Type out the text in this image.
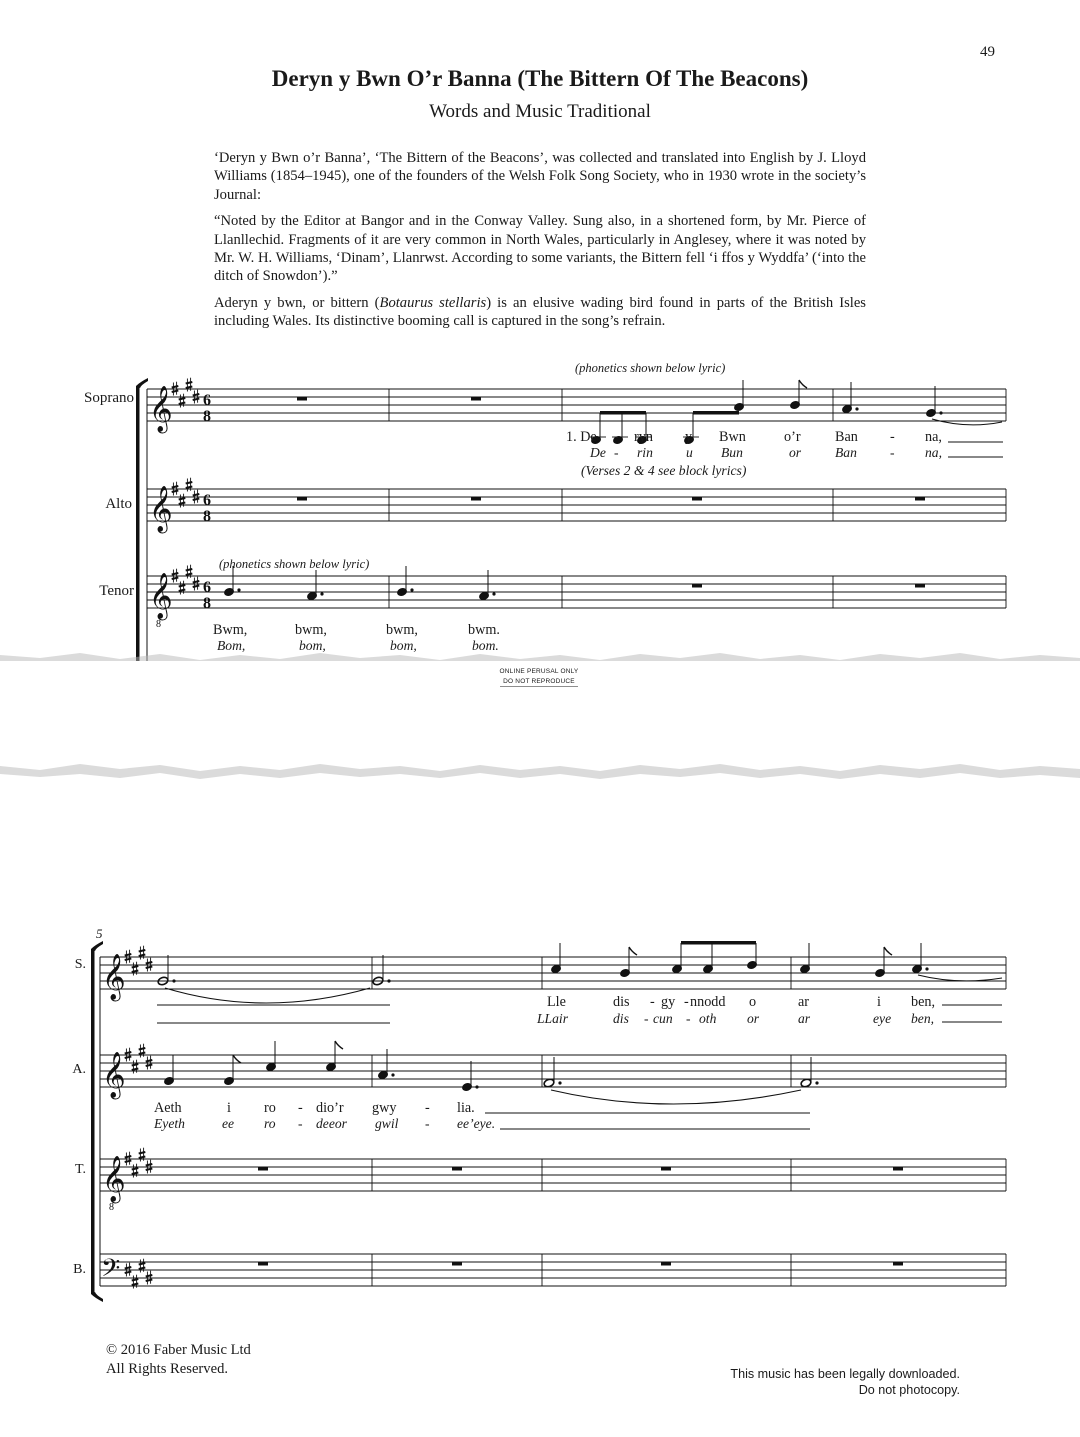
49
Deryn y Bwn O’r Banna (The Bittern Of The Beacons)
Words and Music Traditional

‘Deryn y Bwn o’r Banna’, ‘The Bittern of the Beacons’, was collected and translated into English by J. Lloyd Williams (1854–1945), one of the founders of the Welsh Folk Song Society, who in 1930 wrote in the society’s Journal:

“Noted by the Editor at Bangor and in the Conway Valley. Sung also, in a shortened form, by Mr. Pierce of Llanllechid. Fragments of it are very common in North Wales, particularly in Anglesey, where it was noted by Mr. W. H. Williams, ‘Dinam’, Llanrwst. According to some variants, the Bittern fell ‘i ffos y Wyddfa’ (‘into the ditch of Snowdon’).”

Aderyn y bwn, or bittern (Botaurus stellaris) is an elusive wading bird found in parts of the British Isles including Wales. Its distinctive booming call is captured in the song’s refrain.

𝄞 6
8
𝄞 6
8
𝄞
8
6
8
𝄞
𝄞
𝄞
8
𝄢
Soprano
Alto
Tenor
(phonetics shown below lyric)
(phonetics shown below lyric)
1. De - ryn y Bwn	o’r Ban - na,
De - rin u Bun	or Ban - na,
(Verses 2 & 4 see block lyrics)
Bwm,	bwm,	bwm,	bwm.
Bom,	bom,	bom,	bom.
ONLINE PERUSAL ONLY
DO NOT REPRODUCE
5
S.
A.
T.
B.
Lle	dis - gy - nnodd o	ar	i ben,
LLair	dis - cun - oth or	ar	eye ben,
Aeth	i ro - dio’r gwy - lia.
Eyeth	ee ro - deeor gwil - ee’eye.
© 2016 Faber Music Ltd
All Rights Reserved.	This music has been legally downloaded.
Do not photocopy.
